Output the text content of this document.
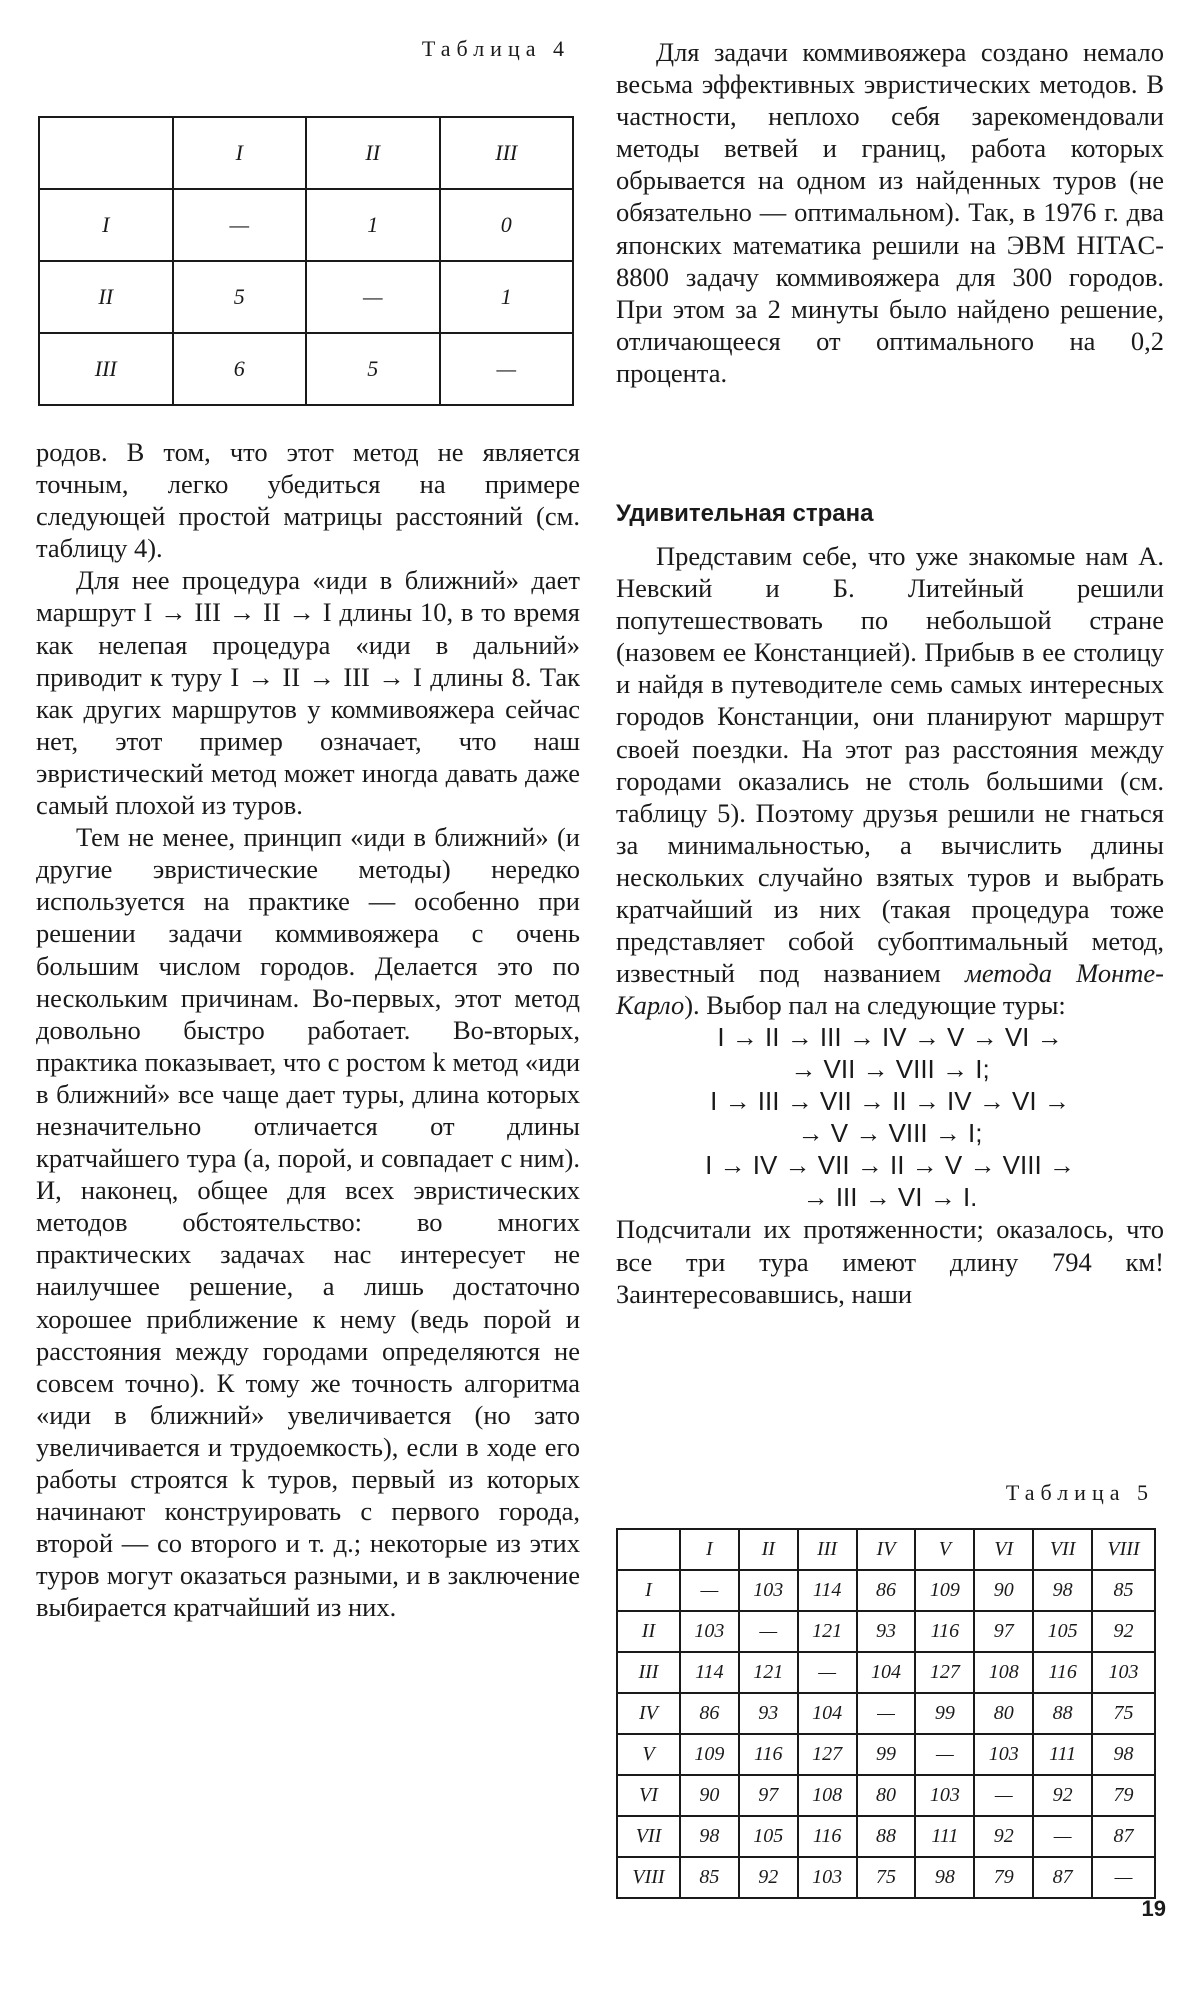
Таблица 4
	I	II	III
I	—	1	0
II	5	—	1
III	6	5	—

родов. В том, что этот метод не является точным, легко убедиться на примере следующей простой матрицы расстояний (см. таблицу 4).

Для нее процедура «иди в ближний» дает маршрут I → III → II → I длины 10, в то время как нелепая процедура «иди в дальний» приводит к туру I → II → III → I длины 8. Так как других маршрутов у коммивояжера сейчас нет, этот пример означает, что наш эвристический метод может иногда давать даже самый плохой из туров.

Тем не менее, принцип «иди в ближний» (и другие эвристические методы) нередко используется на практике — особенно при решении задачи коммивояжера с очень большим числом городов. Делается это по нескольким причинам. Во-первых, этот метод довольно быстро работает. Во-вторых, практика показывает, что с ростом k метод «иди в ближний» все чаще дает туры, длина которых незначительно отличается от длины кратчайшего тура (а, порой, и совпадает с ним). И, наконец, общее для всех эвристических методов обстоятельство: во многих практических задачах нас интересует не наилучшее решение, а лишь достаточно хорошее приближение к нему (ведь порой и расстояния между городами определяются не совсем точно). К тому же точность алгоритма «иди в ближний» увеличивается (но зато увеличивается и трудоемкость), если в ходе его работы строятся k туров, первый из которых начинают конструировать с первого города, второй — со второго и т. д.; некоторые из этих туров могут оказаться разными, и в заключение выбирается кратчайший из них.

Для задачи коммивояжера создано немало весьма эффективных эвристических методов. В частности, неплохо себя зарекомендовали методы ветвей и границ, работа которых обрывается на одном из найденных туров (не обязательно — оптимальном). Так, в 1976 г. два японских математика решили на ЭВМ HITAC-8800 задачу коммивояжера для 300 городов. При этом за 2 минуты было найдено решение, отличающееся от оптимального на 0,2 процента.

Удивительная страна

Представим себе, что уже знакомые нам А. Невский и Б. Литейный решили попутешествовать по небольшой стране (назовем ее Констанцией). Прибыв в ее столицу и найдя в путеводителе семь самых интересных городов Констанции, они планируют маршрут своей поездки. На этот раз расстояния между городами оказались не столь большими (см. таблицу 5). Поэтому друзья решили не гнаться за минимальностью, а вычислить длины нескольких случайно взятых туров и выбрать кратчайший из них (такая процедура тоже представляет собой субоптимальный метод, известный под названием метода Монте-Карло). Выбор пал на следующие туры:

I → II → III → IV → V → VI →

→ VII → VIII → I;

I → III → VII → II → IV → VI →

→ V → VIII → I;

I → IV → VII → II → V → VIII →

→ III → VI → I.

Подсчитали их протяженности; оказалось, что все три тура имеют длину 794 км! Заинтересовавшись, наши

Таблица 5
	I	II	III	IV	V	VI	VII	VIII
I	—	103	114	86	109	90	98	85
II	103	—	121	93	116	97	105	92
III	114	121	—	104	127	108	116	103
IV	86	93	104	—	99	80	88	75
V	109	116	127	99	—	103	111	98
VI	90	97	108	80	103	—	92	79
VII	98	105	116	88	111	92	—	87
VIII	85	92	103	75	98	79	87	—
19
